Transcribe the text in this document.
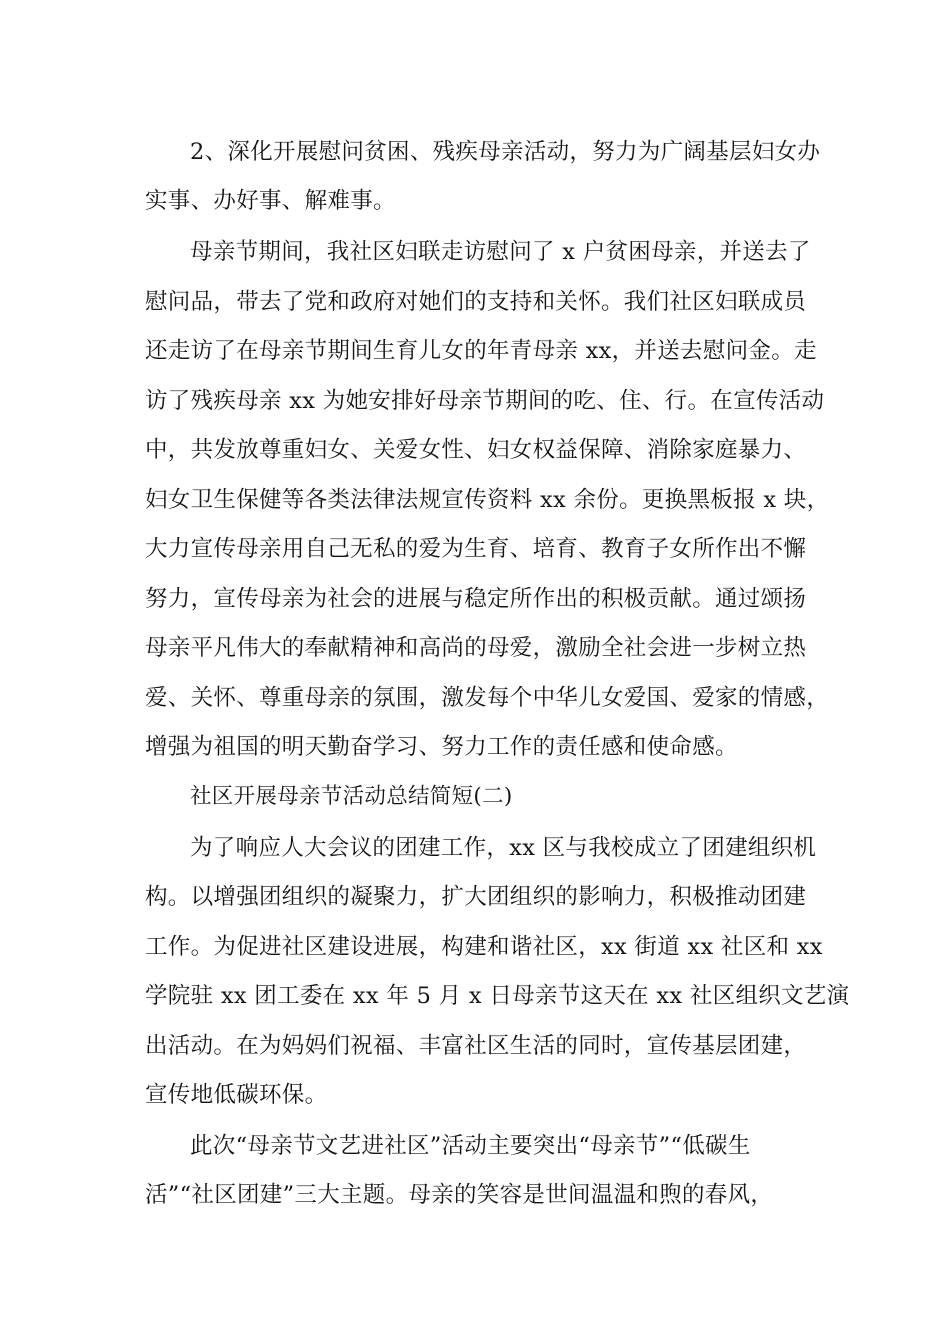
2、深化开展慰问贫困、残疾母亲活动，努力为广阔基层妇女办
实事、办好事、解难事。
母亲节期间，我社区妇联走访慰问了 x 户贫困母亲，并送去了
慰问品，带去了党和政府对她们的支持和关怀。我们社区妇联成员
还走访了在母亲节期间生育儿女的年青母亲 xx，并送去慰问金。走
访了残疾母亲 xx 为她安排好母亲节期间的吃、住、行。在宣传活动
中，共发放尊重妇女、关爱女性、妇女权益保障、消除家庭暴力、
妇女卫生保健等各类法律法规宣传资料 xx 余份。更换黑板报 x 块，
大力宣传母亲用自己无私的爱为生育、培育、教育子女所作出不懈
努力，宣传母亲为社会的进展与稳定所作出的积极贡献。通过颂扬
母亲平凡伟大的奉献精神和高尚的母爱，激励全社会进一步树立热
爱、关怀、尊重母亲的氛围，激发每个中华儿女爱国、爱家的情感，
增强为祖国的明天勤奋学习、努力工作的责任感和使命感。
社区开展母亲节活动总结简短(二)
为了响应人大会议的团建工作，xx 区与我校成立了团建组织机
构。以增强团组织的凝聚力，扩大团组织的影响力，积极推动团建
工作。为促进社区建设进展，构建和谐社区，xx 街道 xx 社区和 xx
学院驻 xx 团工委在 xx 年 5 月 x 日母亲节这天在 xx 社区组织文艺演
出活动。在为妈妈们祝福、丰富社区生活的同时，宣传基层团建，
宣传地低碳环保。
此次“母亲节文艺进社区”活动主要突出“母亲节”“低碳生
活”“社区团建”三大主题。母亲的笑容是世间温温和煦的春风，
